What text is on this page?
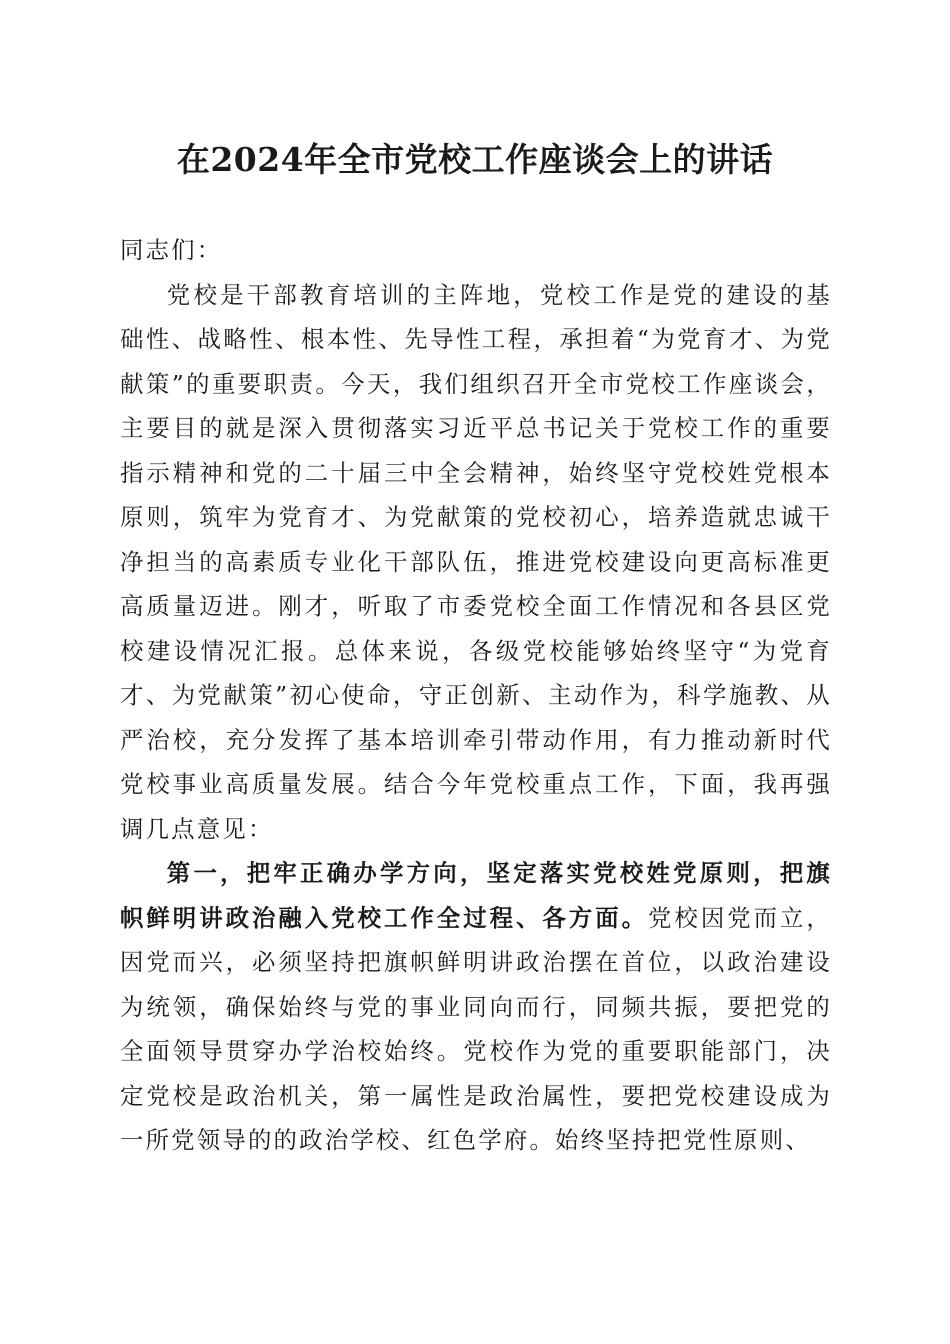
在2024年全市党校工作座谈会上的讲话

同志们：

党校是干部教育培训的主阵地，党校工作是党的建设的基础性、战略性、根本性、先导性工程，承担着“为党育才、为党献策”的重要职责。今天，我们组织召开全市党校工作座谈会，主要目的就是深入贯彻落实习近平总书记关于党校工作的重要指示精神和党的二十届三中全会精神，始终坚守党校姓党根本原则，筑牢为党育才、为党献策的党校初心，培养造就忠诚干净担当的高素质专业化干部队伍，推进党校建设向更高标准更高质量迈进。刚才，听取了市委党校全面工作情况和各县区党校建设情况汇报。总体来说，各级党校能够始终坚守“为党育才、为党献策”初心使命，守正创新、主动作为，科学施教、从严治校，充分发挥了基本培训牵引带动作用，有力推动新时代党校事业高质量发展。结合今年党校重点工作，下面，我再强调几点意见：

第一，把牢正确办学方向，坚定落实党校姓党原则，把旗帜鲜明讲政治融入党校工作全过程、各方面。党校因党而立，因党而兴，必须坚持把旗帜鲜明讲政治摆在首位，以政治建设为统领，确保始终与党的事业同向而行，同频共振，要把党的全面领导贯穿办学治校始终。党校作为党的重要职能部门，决定党校是政治机关，第一属性是政治属性，要把党校建设成为一所党领导的的政治学校、红色学府。始终坚持把党性原则、
